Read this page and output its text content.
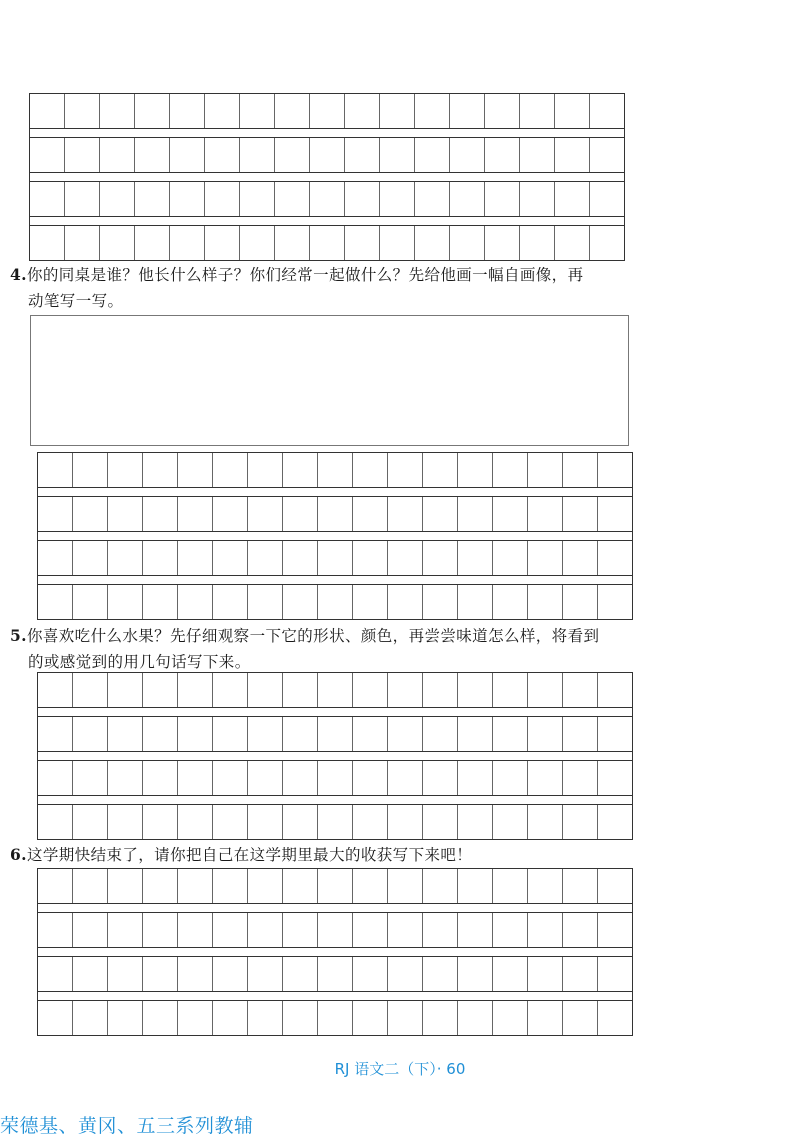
4.你的同桌是谁？他长什么样子？你们经常一起做什么？先给他画一幅自画像，再

动笔写一写。

5.你喜欢吃什么水果？先仔细观察一下它的形状、颜色，再尝尝味道怎么样，将看到

的或感觉到的用几句话写下来。

6.这学期快结束了，请你把自己在这学期里最大的收获写下来吧！

RJ 语文二（下）· 60
荣德基、黄冈、五三系列教辅
